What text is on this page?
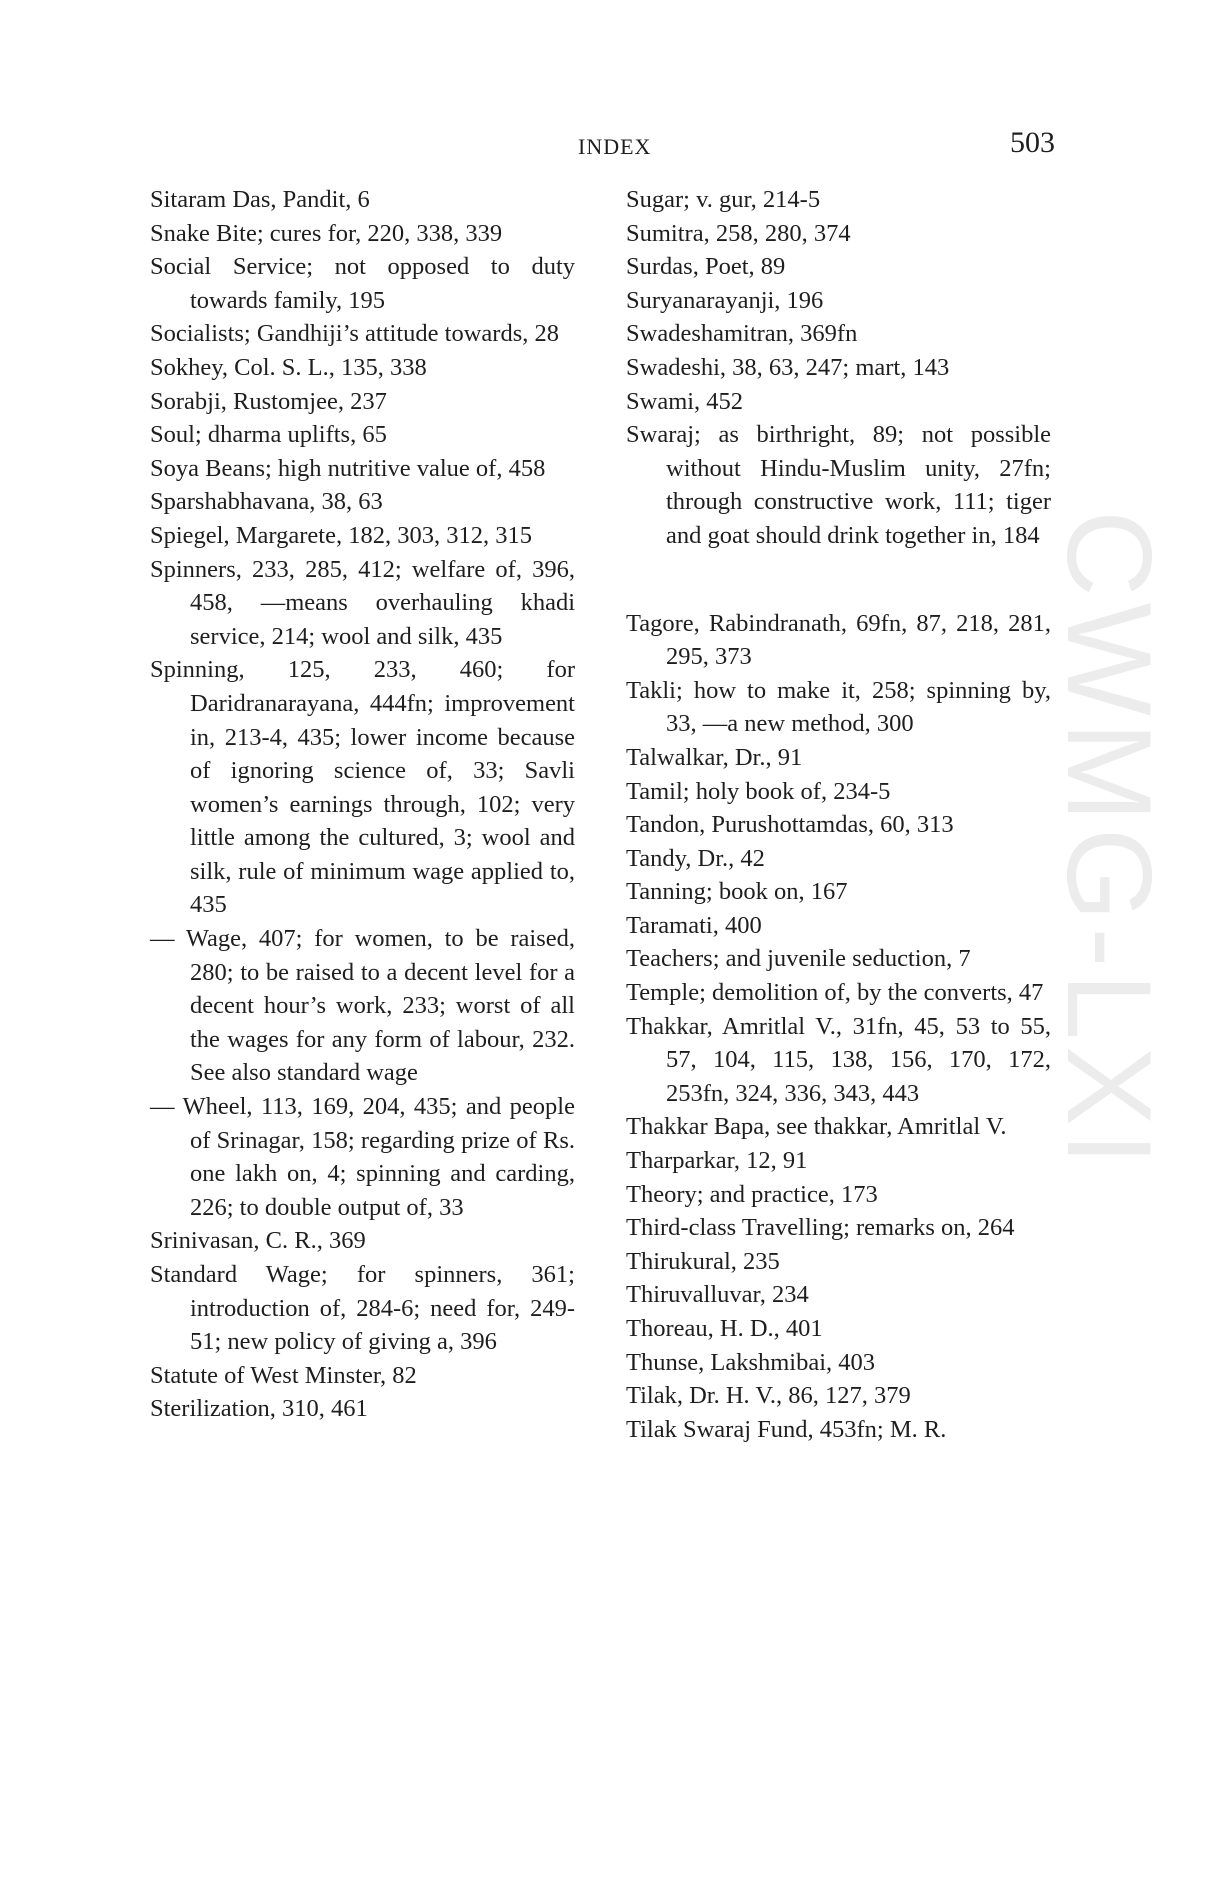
INDEX	503
CWMG-LXI

Sitaram Das, Pandit, 6

Snake Bite; cures for, 220, 338, 339

Social Service; not opposed to duty towards family, 195

Socialists; Gandhiji’s attitude towards, 28

Sokhey, Col. S. L., 135, 338

Sorabji, Rustomjee, 237

Soul; dharma uplifts, 65

Soya Beans; high nutritive value of, 458

Sparshabhavana, 38, 63

Spiegel, Margarete, 182, 303, 312, 315

Spinners, 233, 285, 412; welfare of, 396, 458, —means overhauling khadi service, 214; wool and silk, 435

Spinning, 125, 233, 460; for Daridranarayana, 444fn; improvement in, 213-4, 435; lower income because of ignoring science of, 33; Savli women’s earnings through, 102; very little among the cultured, 3; wool and silk, rule of minimum wage applied to, 435

— Wage, 407; for women, to be raised, 280; to be raised to a decent level for a decent hour’s work, 233; worst of all the wages for any form of labour, 232. See also standard wage

— Wheel, 113, 169, 204, 435; and people of Srinagar, 158; regarding prize of Rs. one lakh on, 4; spinning and carding, 226; to double output of, 33

Srinivasan, C. R., 369

Standard Wage; for spinners, 361; introduction of, 284-6; need for, 249-51; new policy of giving a, 396

Statute of West Minster, 82

Sterilization, 310, 461

Sugar; v. gur, 214-5

Sumitra, 258, 280, 374

Surdas, Poet, 89

Suryanarayanji, 196

Swadeshamitran, 369fn

Swadeshi, 38, 63, 247; mart, 143

Swami, 452

Swaraj; as birthright, 89; not possible without Hindu-Muslim unity, 27fn; through constructive work, 111; tiger and goat should drink together in, 184

Tagore, Rabindranath, 69fn, 87, 218, 281, 295, 373

Takli; how to make it, 258; spinning by, 33, —a new method, 300

Talwalkar, Dr., 91

Tamil; holy book of, 234-5

Tandon, Purushottamdas, 60, 313

Tandy, Dr., 42

Tanning; book on, 167

Taramati, 400

Teachers; and juvenile seduction, 7

Temple; demolition of, by the converts, 47

Thakkar, Amritlal V., 31fn, 45, 53 to 55, 57, 104, 115, 138, 156, 170, 172, 253fn, 324, 336, 343, 443

Thakkar Bapa, see thakkar, Amritlal V.

Tharparkar, 12, 91

Theory; and practice, 173

Third-class Travelling; remarks on, 264

Thirukural, 235

Thiruvalluvar, 234

Thoreau, H. D., 401

Thunse, Lakshmibai, 403

Tilak, Dr. H. V., 86, 127, 379

Tilak Swaraj Fund, 453fn; M. R.
